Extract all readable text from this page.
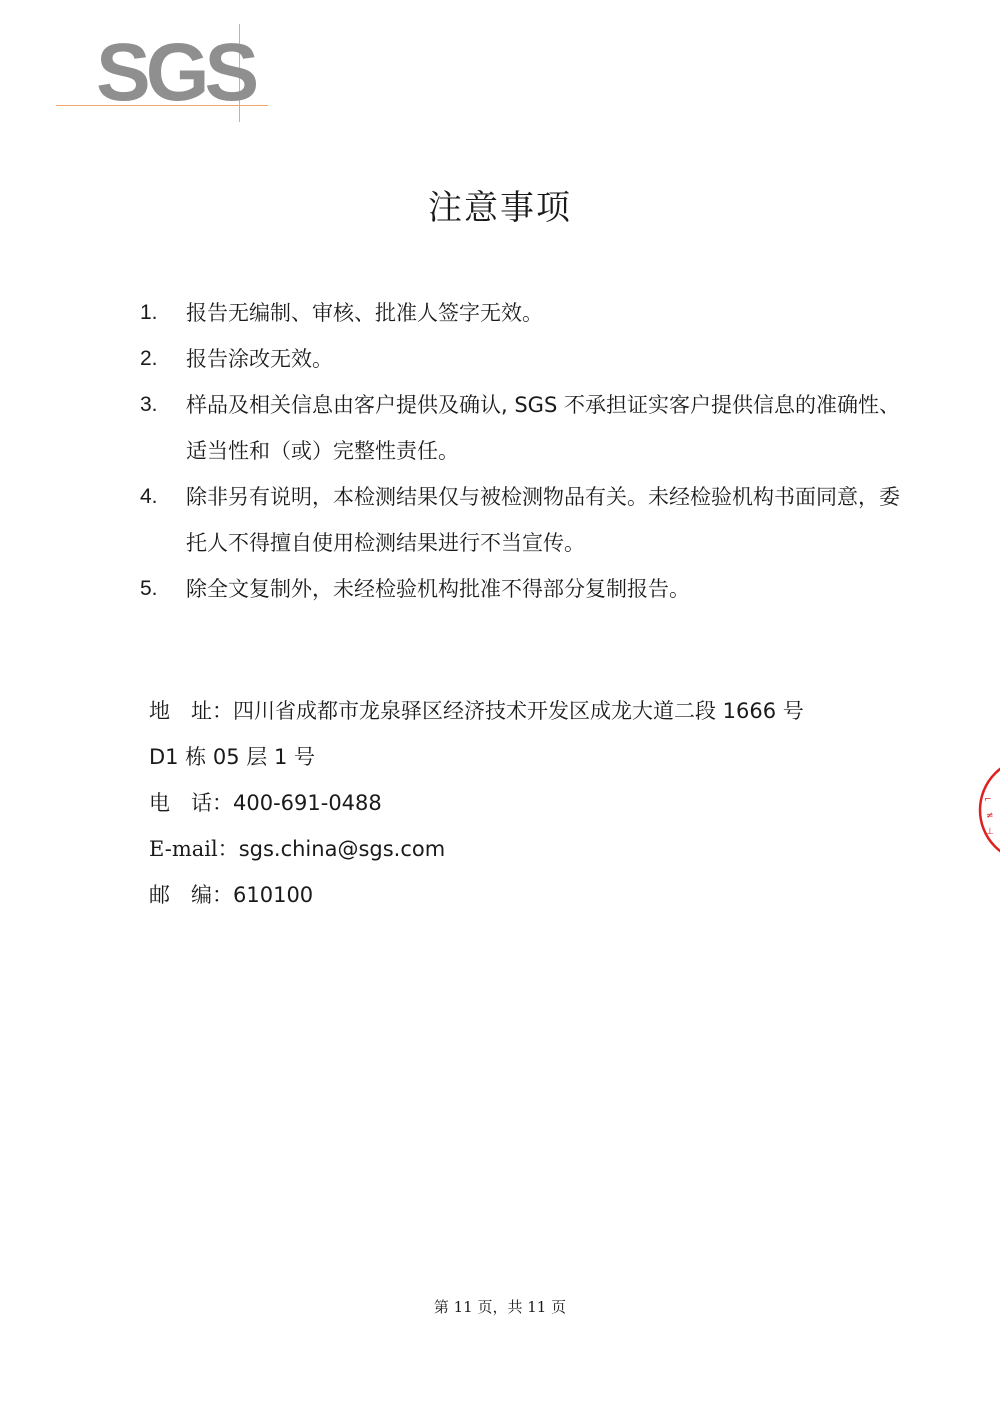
SGS
注意事项
1.	报告无编制、审核、批准人签字无效。
2.	报告涂改无效。
3.	样品及相关信息由客户提供及确认, SGS 不承担证实客户提供信息的准确性、适当性和（或）完整性责任。
4.	除非另有说明，本检测结果仅与被检测物品有关。未经检验机构书面同意，委托人不得擅自使用检测结果进行不当宣传。
5.	除全文复制外，未经检验机构批准不得部分复制报告。
地　址：四川省成都市龙泉驿区经济技术开发区成龙大道二段 1666 号
D1 栋 05 层 1 号
电　话：400-691-0488
E-mail：sgs.china@sgs.com
邮　编：610100
⌐
≠
⊥
第 11 页，共 11 页
